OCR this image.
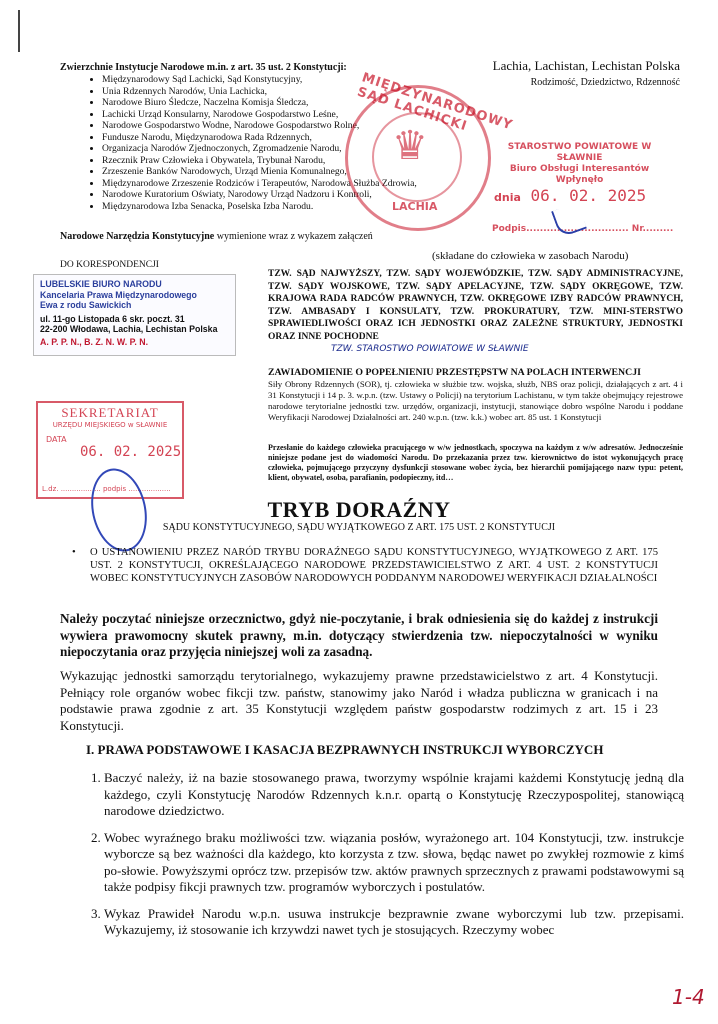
Zwierzchnie Instytucje Narodowe m.in. z art. 35 ust. 2 Konstytucji:
• Międzynarodowy Sąd Lachicki, Sąd Konstytucyjny,
• Unia Rdzennych Narodów, Unia Lachicka,
• Narodowe Biuro Śledcze, Naczelna Komisja Śledcza,
• Lachicki Urząd Konsularny, Narodowe Gospodarstwo Leśne,
• Narodowe Gospodarstwo Wodne, Narodowe Gospodarstwo Rolne,
• Fundusze Narodu, Międzynarodowa Rada Rdzennych,
• Organizacja Narodów Zjednoczonych, Zgromadzenie Narodu,
• Rzecznik Praw Człowieka i Obywatela, Trybunał Narodu,
• Zrzeszenie Banków Narodowych, Urząd Mienia Komunalnego,
• Międzynarodowe Zrzeszenie Rodziców i Terapeutów, Narodowa Służba Zdrowia,
• Narodowe Kuratorium Oświaty, Narodowy Urząd Nadzoru i Kontroli,
• Międzynarodowa Izba Senacka, Poselska Izba Narodu.
Lachia, Lachistan, Lechistan Polska
Rodzimość, Dziedzictwo, Rdzenność
MIĘDZYNARODOWY SĄD LACHICKI
♛
LACHIA
STAROSTWO POWIATOWE W SŁAWNIE
Biuro Obsługi Interesantów
Wpłynęło
dnia 06. 02. 2025
Podpis.............................. Nr.........
Narodowe Narzędzia Konstytucyjne wymienione wraz z wykazem załączeń
DO KORESPONDENCJI
(składane do człowieka w zasobach Narodu)
LUBELSKIE BIURO NARODU
Kancelaria Prawa Międzynarodowego
Ewa z rodu Sawickich
ul. 11-go Listopada 6 skr. poczt. 31
22-200 Włodawa, Lachia, Lechistan Polska
A. P. P. N., B. Z. N. W. P. N.
TZW. SĄD NAJWYŻSZY, TZW. SĄDY WOJEWÓDZKIE, TZW. SĄDY ADMINISTRACYJNE, TZW. SĄDY WOJSKOWE, TZW. SĄDY APELACYJNE, TZW. SĄDY OKRĘGOWE, TZW. KRAJOWA RADA RADCÓW PRAWNYCH, TZW. OKRĘGOWE IZBY RADCÓW PRAWNYCH, TZW. AMBASADY I KONSULATY, TZW. PROKURATURY, TZW. MINI-STERSTWO SPRAWIEDLIWOŚCI ORAZ ICH JEDNOSTKI ORAZ ZALEŻNE STRUKTURY, JEDNOSTKI ORAZ INNE POCHODNE
TZW. STAROSTWO POWIATOWE W SŁAWNIE
ZAWIADOMIENIE O POPEŁNIENIU PRZESTĘPSTW NA POLACH INTERWENCJI
Siły Obrony Rdzennych (SOR), tj. człowieka w służbie tzw. wojska, służb, NBS oraz policji, działających z art. 4 i 31 Konstytucji i 14 p. 3. w.p.n. (tzw. Ustawy o Policji) na terytorium Lachistanu, w tym także obejmujący rejestrowe narodowe terytorialne jednostki tzw. urzędów, organizacji, instytucji, stanowiące dobro wspólne Narodu i poddane Weryfikacji Narodowej Działalności art. 240 w.p.n. (tzw. k.k.) wobec art. 85 ust. 1 Konstytucji
Przesłanie do każdego człowieka pracującego w w/w jednostkach, spoczywa na każdym z w/w adresatów. Jednocześnie niniejsze podane jest do wiadomości Narodu. Do przekazania przez tzw. kierownictwo do istot wykonujących pracę człowieka, pojmującego przyczyny dysfunkcji stosowane wobec życia, bez hierarchii pomijającego nazw typu: petent, klient, obywatel, osoba, parafianin, podopieczny, itd…
SEKRETARIAT
URZĘDU MIEJSKIEGO w SŁAWNIE
DATA
06. 02. 2025
L.dz. .................. podpis ...................
TRYB DORAŹNY
SĄDU KONSTYTUCYJNEGO, SĄDU WYJĄTKOWEGO Z ART. 175 UST. 2 KONSTYTUCJI
• O USTANOWIENIU PRZEZ NARÓD TRYBU DORAŹNEGO SĄDU KONSTYTUCYJNEGO, WYJĄTKOWEGO Z ART. 175 UST. 2 KONSTYTUCJI, OKREŚLAJĄCEGO NARODOWE PRZEDSTAWICIELSTWO Z ART. 4 UST. 2 KONSTYTUCJI WOBEC KONSTYTUCYJNYCH ZASOBÓW NARODOWYCH PODDANYM NARODOWEJ WERYFIKACJI DZIAŁALNOŚCI
Należy poczytać niniejsze orzecznictwo, gdyż nie-poczytanie, i brak odniesienia się do każdej z instrukcji wywiera prawomocny skutek prawny, m.in. dotyczący stwierdzenia tzw. niepoczytalności w wyniku niepoczytania oraz przyjęcia niniejszej woli za zasadną.
Wykazując jednostki samorządu terytorialnego, wykazujemy prawne przedstawicielstwo z art. 4 Konstytucji. Pełniący role organów wobec fikcji tzw. państw, stanowimy jako Naród i władza publiczna w granicach i na podstawie prawa zgodnie z art. 35 Konstytucji względem państw gospodarstw rodzimych z art. 15 i 23 Konstytucji.
I. PRAWA PODSTAWOWE I KASACJA BEZPRAWNYCH INSTRUKCJI WYBORCZYCH
1. Baczyć należy, iż na bazie stosowanego prawa, tworzymy wspólnie krajami każdemi Konstytucję jedną dla każdego, czyli Konstytucję Narodów Rdzennych k.n.r. opartą o Konstytucję Rzeczypospolitej, stanowiącą narodowe dziedzictwo.
2. Wobec wyraźnego braku możliwości tzw. wiązania posłów, wyrażonego art. 104 Konstytucji, tzw. instrukcje wyborcze są bez ważności dla każdego, kto korzysta z tzw. słowa, będąc nawet po zwykłej rozmowie z kimś po-słowie. Powyższymi oprócz tzw. przepisów tzw. aktów prawnych sprzecznych z prawami podstawowymi są także podpisy fikcji prawnych tzw. programów wyborczych i postulatów.
3. Wykaz Prawideł Narodu w.p.n. usuwa instrukcje bezprawnie zwane wyborczymi lub tzw. przepisami. Wykazujemy, iż stosowanie ich krzywdzi nawet tych je stosujących. Rzeczymy wobec
1-4
